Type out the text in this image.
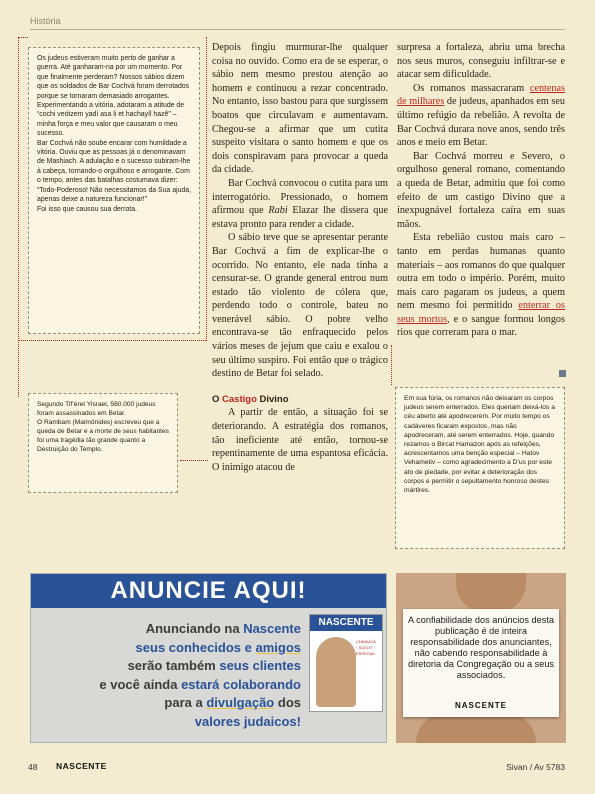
História

Os judeus estiveram muito perto de ganhar a guerra. Até ganharam-na por um momento. Por que finalmente perderam? Nossos sábios dizem que os soldados de Bar Cochvá foram derrotados porque se tornaram demasiado arrogantes. Experimentando a vitória, adotaram a atitude de “cochi veótzem yadí asa li et hachayíl hazê” – minha força e meu valor que causaram o meu sucesso.

Bar Cochvá não soube encarar com humildade a vitória. Ouviu que as pessoas já o denominavam de Mashiach. A adulação e o sucesso subiram-lhe à cabeça, tornando-o orgulhoso e arrogante. Com o tempo, antes das batalhas costumava dizer: “Todo-Poderoso! Não necessitamos da Sua ajuda, apenas deixe a natureza funcionar!”

Foi isso que causou sua derrota.

Segundo Tif’éret Yisrael, 580.000 judeus foram assassinados em Betar.

O Rambam (Maimônides) escreveu que a queda de Betar e a morte de seus habitantes foi uma tragédia tão grande quanto a Destruição do Templo.

Depois fingiu murmurar-lhe qualquer coisa no ouvido. Como era de se esperar, o sábio nem mesmo prestou atenção ao homem e continuou a rezar concentrado. No entanto, isso bastou para que surgissem boatos que circulavam e aumentavam. Chegou-se a afirmar que um cutita suspeito visitara o santo homem e que os dois conspiravam para provocar a queda da cidade.

Bar Cochvá convocou o cutita para um interrogatório. Pressionado, o homem afirmou que Rabi Elazar lhe dissera que estava pronto para render a cidade.

O sábio teve que se apresentar perante Bar Cochvá a fim de explicar-lhe o ocorrido. No entanto, ele nada tinha a censurar-se. O grande general entrou num estado tão violento de cólera que, perdendo todo o controle, bateu no venerável sábio. O pobre velho encontrava-se tão enfraquecido pelos vários meses de jejum que caiu e exalou o seu último suspiro. Foi então que o trágico destino de Betar foi selado.

O Castigo Divino

A partir de então, a situação foi se deteriorando. A estratégia dos romanos, tão ineficiente até então, tornou-se repentinamente de uma espantosa eficácia. O inimigo atacou de

surpresa a fortaleza, abriu uma brecha nos seus muros, conseguiu infiltrar-se e atacar sem dificuldade.

Os romanos massacraram centenas de milhares de judeus, apanhados em seu último refúgio da rebelião. A revolta de Bar Cochvá durara nove anos, sendo três anos e meio em Betar.

Bar Cochvá morreu e Severo, o orgulhoso general romano, comentando a queda de Betar, admitiu que foi como efeito de um castigo Divino que a inexpugnável fortaleza caíra em suas mãos.

Esta rebelião custou mais caro – tanto em perdas humanas quanto materiais – aos romanos do que qualquer outra em todo o império. Porém, muito mais caro pagaram os judeus, a quem nem mesmo foi permitido enterrar os seus mortos, e o sangue formou longos rios que correram para o mar.

Em sua fúria, os romanos não deixaram os corpos judeus serem enterrados. Eles queriam deixá-los a céu aberto até apodrecerem. Por muito tempo os cadáveres ficaram expostos, mas não apodreceram, até serem enterrados. Hoje, quando rezamos o Bircat Hamazon após as refeições, acrescentamos uma benção especial – Hatov Vehametiv – como agradecimento a D’us por este ato de piedade, por evitar a deterioração dos corpos e permitir o sepultamento honroso destes mártires.

ANUNCIE AQUI!
Anunciando na Nascente
seus conhecidos e amigos
serão também seus clientes
e você ainda estará colaborando
para a divulgação dos
valores judaicos!
NASCENTE
CHANUCÁ · SUCOT · ESPECIAL
A confiabilidade dos anúncios desta publicação é de inteira responsabilidade dos anunciantes, não cabendo responsabilidade à diretoria da Congregação ou a seus associados.
NASCENTE
48 NASCENTE	Sivan / Av 5783
